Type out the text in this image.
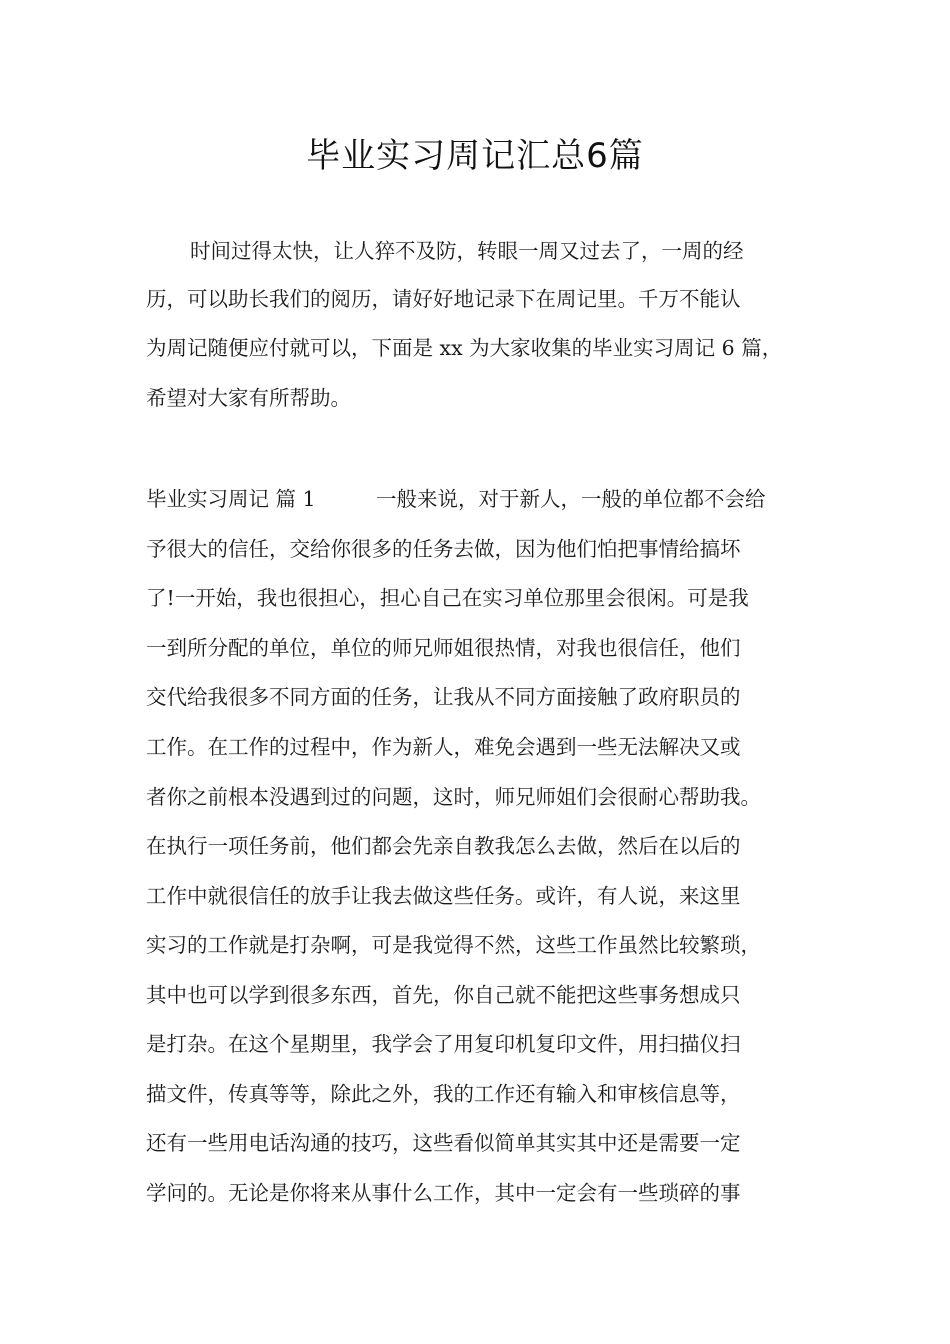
毕业实习周记汇总6篇
时间过得太快，让人猝不及防，转眼一周又过去了，一周的经
历，可以助长我们的阅历，请好好地记录下在周记里。千万不能认
为周记随便应付就可以，下面是 xx 为大家收集的毕业实习周记 6 篇，
希望对大家有所帮助。
毕业实习周记 篇 1	一般来说，对于新人，一般的单位都不会给
予很大的信任，交给你很多的任务去做，因为他们怕把事情给搞坏
了!一开始，我也很担心，担心自己在实习单位那里会很闲。可是我
一到所分配的单位，单位的师兄师姐很热情，对我也很信任，他们
交代给我很多不同方面的任务，让我从不同方面接触了政府职员的
工作。在工作的过程中，作为新人，难免会遇到一些无法解决又或
者你之前根本没遇到过的问题，这时，师兄师姐们会很耐心帮助我。
在执行一项任务前，他们都会先亲自教我怎么去做，然后在以后的
工作中就很信任的放手让我去做这些任务。或许，有人说，来这里
实习的工作就是打杂啊，可是我觉得不然，这些工作虽然比较繁琐，
其中也可以学到很多东西，首先，你自己就不能把这些事务想成只
是打杂。在这个星期里，我学会了用复印机复印文件，用扫描仪扫
描文件，传真等等，除此之外，我的工作还有输入和审核信息等，
还有一些用电话沟通的技巧，这些看似简单其实其中还是需要一定
学问的。无论是你将来从事什么工作，其中一定会有一些琐碎的事
